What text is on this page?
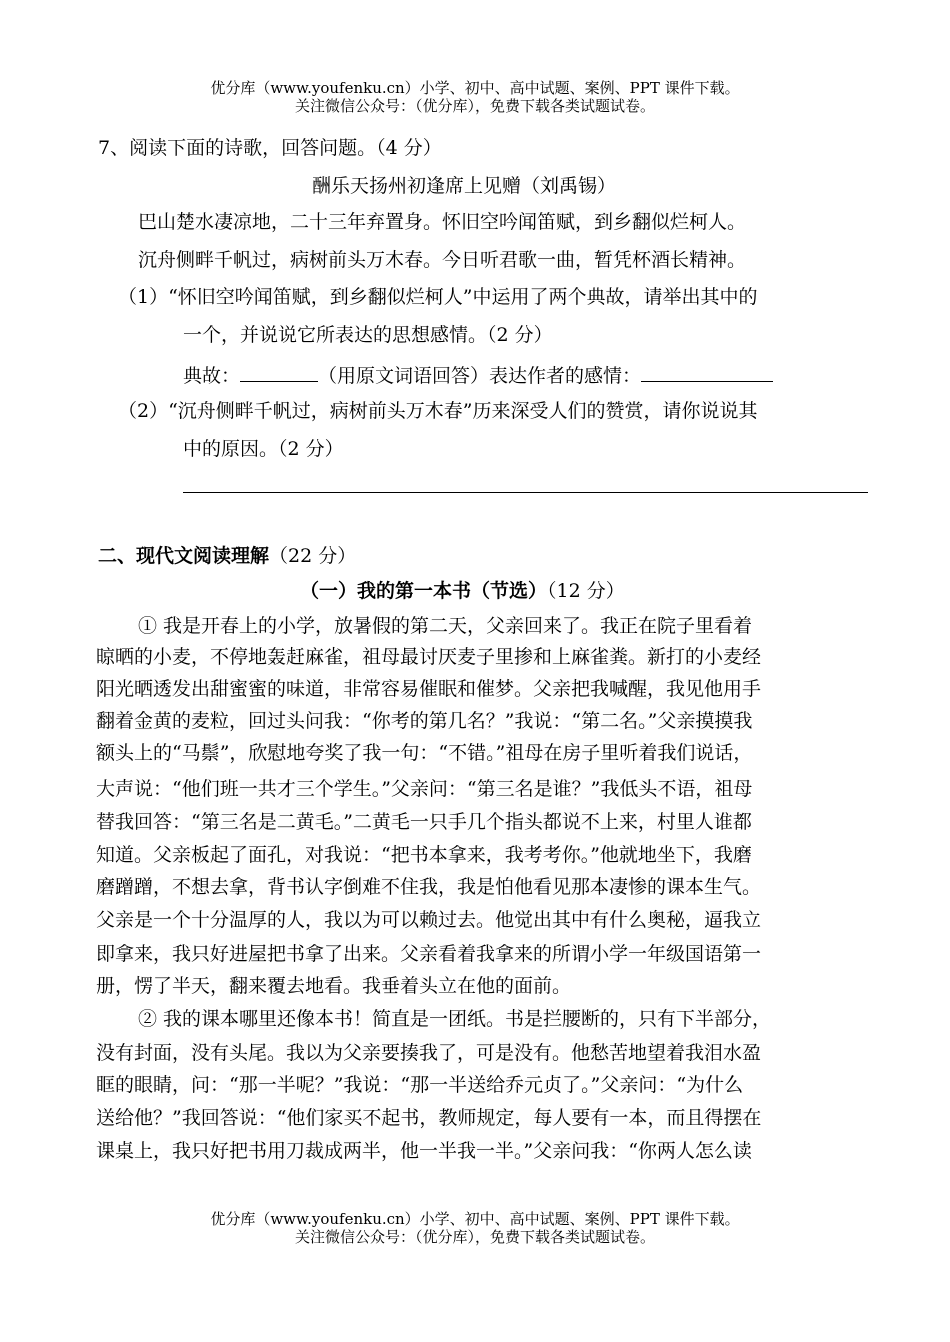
优分库（www.youfenku.cn）小学、初中、高中试题、案例、PPT 课件下载。
关注微信公众号：（优分库），免费下载各类试题试卷。
7、阅读下面的诗歌，回答问题。（4 分）
酬乐天扬州初逢席上见赠（刘禹锡）
巴山楚水凄凉地，二十三年弃置身。怀旧空吟闻笛赋，到乡翻似烂柯人。
沉舟侧畔千帆过，病树前头万木春。今日听君歌一曲，暂凭杯酒长精神。
（1）“怀旧空吟闻笛赋，到乡翻似烂柯人”中运用了两个典故，请举出其中的
一个，并说说它所表达的思想感情。（2 分）
典故：	（用原文词语回答）表达作者的感情：
（2）“沉舟侧畔千帆过，病树前头万木春”历来深受人们的赞赏，请你说说其
中的原因。（2 分）
二、现代文阅读理解（22 分）
（一）我的第一本书（节选）（12 分）
① 我是开春上的小学，放暑假的第二天，父亲回来了。我正在院子里看着
晾晒的小麦，不停地轰赶麻雀，祖母最讨厌麦子里掺和上麻雀粪。新打的小麦经
阳光晒透发出甜蜜蜜的味道，非常容易催眠和催梦。父亲把我喊醒，我见他用手
翻着金黄的麦粒，回过头问我：“你考的第几名？”我说：“第二名。”父亲摸摸我
额头上的“马鬃”，欣慰地夸奖了我一句：“不错。”祖母在房子里听着我们说话，
大声说：“他们班一共才三个学生。”父亲问：“第三名是谁？”我低头不语，祖母
替我回答：“第三名是二黄毛。”二黄毛一只手几个指头都说不上来，村里人谁都
知道。父亲板起了面孔，对我说：“把书本拿来，我考考你。”他就地坐下，我磨
磨蹭蹭，不想去拿，背书认字倒难不住我，我是怕他看见那本凄惨的课本生气。
父亲是一个十分温厚的人，我以为可以赖过去。他觉出其中有什么奥秘，逼我立
即拿来，我只好进屋把书拿了出来。父亲看着我拿来的所谓小学一年级国语第一
册，愣了半天，翻来覆去地看。我垂着头立在他的面前。
② 我的课本哪里还像本书！简直是一团纸。书是拦腰断的，只有下半部分，
没有封面，没有头尾。我以为父亲要揍我了，可是没有。他愁苦地望着我泪水盈
眶的眼睛，问：“那一半呢？”我说：“那一半送给乔元贞了。”父亲问：“为什么
送给他？”我回答说：“他们家买不起书，教师规定，每人要有一本，而且得摆在
课桌上，我只好把书用刀裁成两半，他一半我一半。”父亲问我：“你两人怎么读
优分库（www.youfenku.cn）小学、初中、高中试题、案例、PPT 课件下载。
关注微信公众号：（优分库），免费下载各类试题试卷。
